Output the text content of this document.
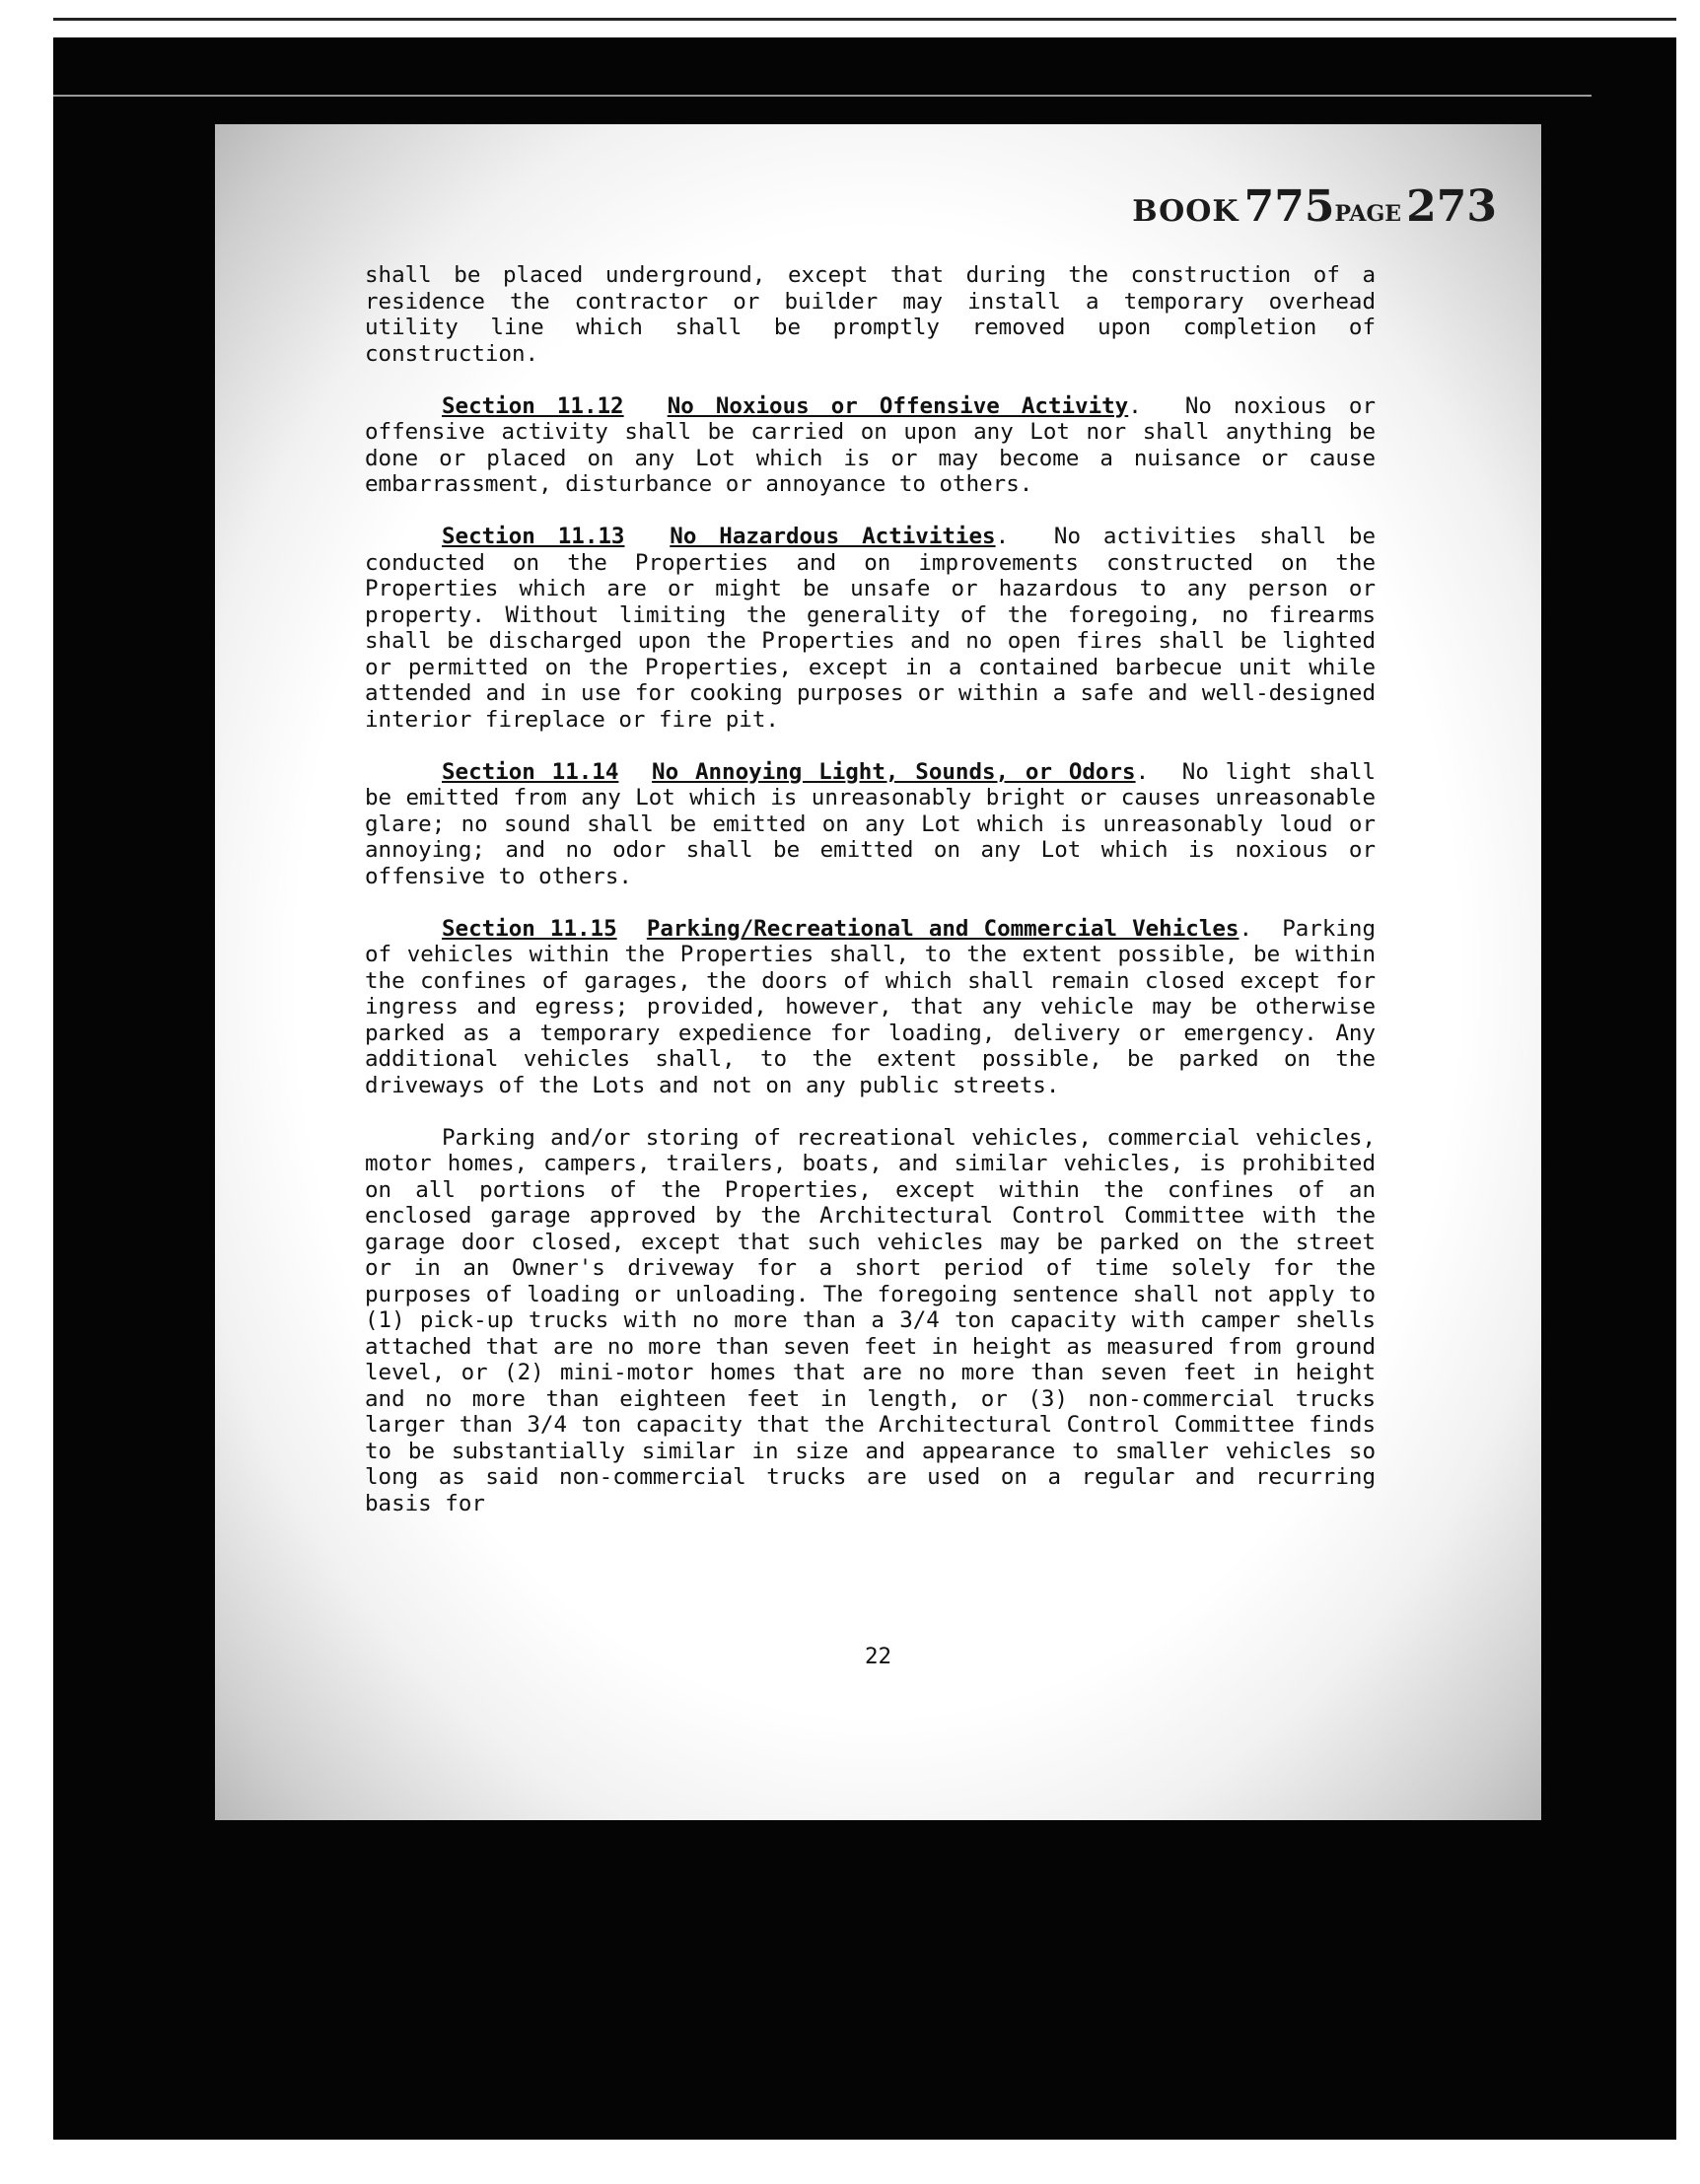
BOOK 775PAGE 273

shall be placed underground, except that during the construction of a residence the contractor or builder may install a temporary overhead utility line which shall be promptly removed upon completion of construction.

Section 11.12 No Noxious or Offensive Activity.  No noxious or offensive activity shall be carried on upon any Lot nor shall anything be done or placed on any Lot which is or may become a nuisance or cause embarrassment, disturbance or annoyance to others.

Section 11.13 No Hazardous Activities.  No activities shall be conducted on the Properties and on improvements constructed on the Properties which are or might be unsafe or hazardous to any person or property. Without limiting the generality of the foregoing, no firearms shall be discharged upon the Properties and no open fires shall be lighted or permitted on the Properties, except in a contained barbecue unit while attended and in use for cooking purposes or within a safe and well-designed interior fireplace or fire pit.

Section 11.14 No Annoying Light, Sounds, or Odors.  No light shall be emitted from any Lot which is unreasonably bright or causes unreasonable glare; no sound shall be emitted on any Lot which is unreasonably loud or annoying; and no odor shall be emitted on any Lot which is noxious or offensive to others.

Section 11.15 Parking/Recreational and Commercial Vehicles.  Parking of vehicles within the Properties shall, to the extent possible, be within the confines of garages, the doors of which shall remain closed except for ingress and egress; provided, however, that any vehicle may be otherwise parked as a temporary expedience for loading, delivery or emergency. Any additional vehicles shall, to the extent possible, be parked on the driveways of the Lots and not on any public streets.

Parking and/or storing of recreational vehicles, commercial vehicles, motor homes, campers, trailers, boats, and similar vehicles, is prohibited on all portions of the Properties, except within the confines of an enclosed garage approved by the Architectural Control Committee with the garage door closed, except that such vehicles may be parked on the street or in an Owner's driveway for a short period of time solely for the purposes of loading or unloading. The foregoing sentence shall not apply to (1) pick-up trucks with no more than a 3/4 ton capacity with camper shells attached that are no more than seven feet in height as measured from ground level, or (2) mini-motor homes that are no more than seven feet in height and no more than eighteen feet in length, or (3) non-commercial trucks larger than 3/4 ton capacity that the Architectural Control Committee finds to be substantially similar in size and appearance to smaller vehicles so long as said non-commercial trucks are used on a regular and recurring basis for

22
